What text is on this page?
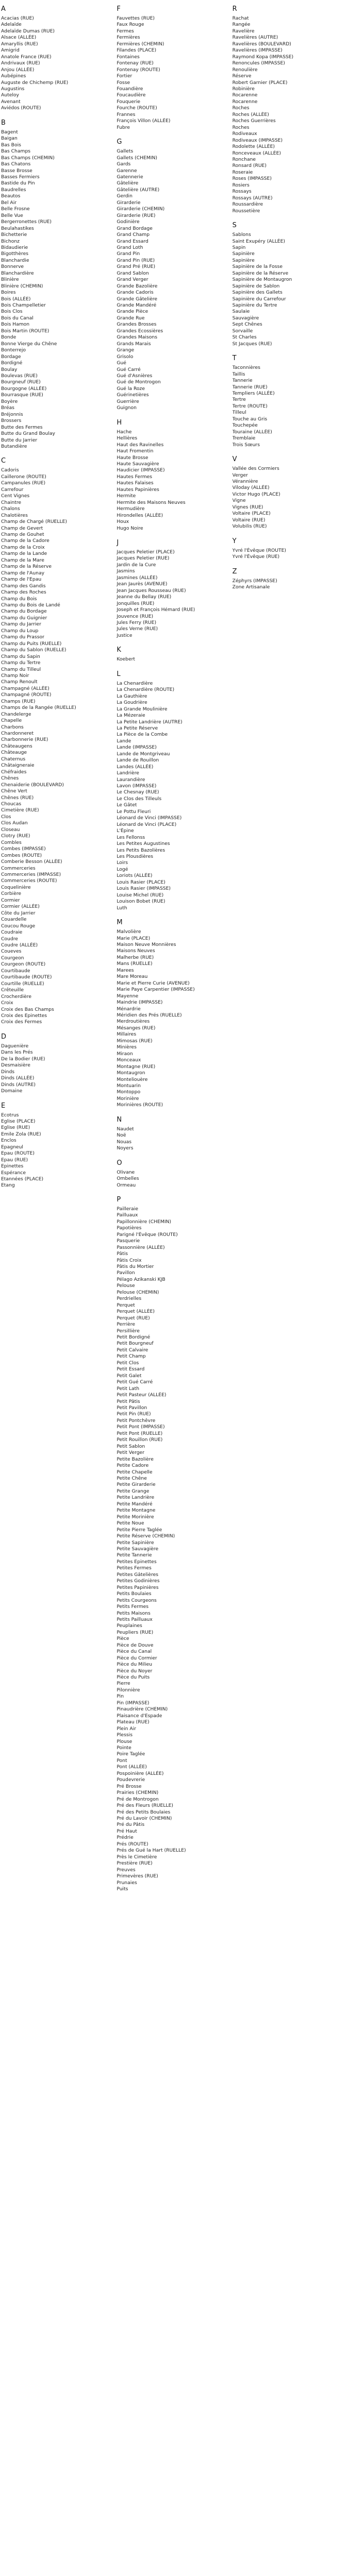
A
Acacias (RUE)
Adelaïde
Adelaïde Dumas (RUE)
Alsace (ALLÉE)
Amaryllis (RUE)
Amigrid
Anatole France (RUE)
Andrivaux (RUE)
Anjou (ALLÉE)
Aubépines
Auguste de Chichemp (RUE)
Augustins
Auteloy
Avenant
Aviédos (ROUTE)
B
Bagent
Baigan
Bas Bois
Bas Champs
Bas Champs (CHEMIN)
Bas Chatons
Basse Brosse
Basses Fermiers
Bastide du Pin
Baudrelles
Beautos
Bel Air
Belle Frosne
Belle Vue
Bergerronettes (RUE)
Beulahastikes
Bichetterie
Bichonz
Bidaudierie
Bigotthères
Blanchardie
Bonnerve
Blanchardière
Blinière
Blinière (CHEMIN)
Boires
Bois (ALLÉE)
Bois Champelletier
Bois Clos
Bois du Canal
Bois Hamon
Bois Martin (ROUTE)
Bonde
Bonne Vierge du Chêne
Bonterrejo
Bordage
Bordigné
Boulay
Boulevas (RUE)
Bourgneuf (RUE)
Bourgogne (ALLÉE)
Bourrasque (RUE)
Boyère
Bréas
Bréjonnis
Brossers
Butte des Fermes
Butte du Grand Boulay
Butte du Jarrier
Butandière
C
Cadoris
Caillerone (ROUTE)
Campanules (RUE)
Carrefour
Cent Vignes
Chaintre
Chalons
Chalotières
Champ de Chargé (RUELLE)
Champ de Gevert
Champ de Gouhet
Champ de la Cadore
Champ de la Croix
Champ de la Lande
Champ de la Mare
Champ de la Réserve
Champ de l'Aunay
Champ de l'Epau
Champ des Gandis
Champ des Roches
Champ du Bois
Champ du Bois de Landé
Champ du Bordage
Champ du Guignier
Champ du Jarrier
Champ du Loup
Champ du Prassor
Champ du Puits (RUELLE)
Champ du Sablon (RUELLE)
Champ du Sapin
Champ du Tertre
Champ du Tilleul
Champ Noir
Champ Renoult
Champagné (ALLÉE)
Champagné (ROUTE)
Champs (RUE)
Champs de la Rangée (RUELLE)
Chandelerge
Chapelle
Charbons
Chardonneret
Charbonnerie (RUE)
Châteaugens
Châteauge
Chaternus
Châtaigneraie
Chéfraides
Chênes
Chenaiderie (BOULEVARD)
Chêne Vert
Chênes (RUE)
Choucas
Cimetière (RUE)
Clos
Clos Audan
Closeau
Clotry (RUE)
Combles
Combes (IMPASSE)
Combes (ROUTE)
Comberie Besson (ALLÉE)
Commerceries
Commerceries (IMPASSE)
Commerceries (ROUTE)
Coquelinière
Corbière
Cormier
Cormier (ALLÉE)
Côte du Jarrier
Couardelle
Coucou Rouge
Coudraie
Coudre
Coudre (ALLÉE)
Coueves
Courgeon
Courgeon (ROUTE)
Courtibaude
Courtibaude (ROUTE)
Courtille (RUELLE)
Crêteuille
Crocherdière
Croix
Croix des Bas Champs
Croix des Epinettes
Croix des Fermes
D
Daguenière
Dans les Prés
De la Bodier (RUE)
Desmaisière
Dinds
Dinds (ALLÉE)
Dinds (AUTRE)
Domaine
E
Ecotrus
Eglise (PLACE)
Eglise (RUE)
Emile Zola (RUE)
Enclos
Epagneul
Epau (ROUTE)
Epau (RUE)
Epinettes
Espérance
Etannées (PLACE)
Etang
F
Fauvettes (RUE)
Faux Rouge
Fermes
Fermières
Fermières (CHEMIN)
Filandes (PLACE)
Fontaines
Fontenay (RUE)
Fontenay (ROUTE)
Fortier
Fosse
Fouandière
Foucaudière
Fouquerie
Fourche (ROUTE)
Frannes
François Villon (ALLÉE)
Fubre
G
Gallets
Gallets (CHEMIN)
Gards
Garenne
Gatennerie
Gâtelière
Gâtelière (AUTRE)
Gerdin
Girarderie
Girarderie (CHEMIN)
Girarderie (RUE)
Godinière
Grand Bordage
Grand Champ
Grand Essard
Grand Loth
Grand Pin
Grand Pin (RUE)
Grand Pré (RUE)
Grand Sablon
Grand Verger
Grande Bazolière
Grande Cadoris
Grande Gâtelière
Grande Mandéré
Grande Pièce
Grande Rue
Grandes Brosses
Grandes Ecossières
Grandes Maisons
Grands Marais
Grange
Grisolo
Gué
Gué Carré
Gué d'Asnières
Gué de Montrogon
Gué la Roze
Guérinetières
Guerrière
Guignon
H
Hache
Hellières
Haut des Ravinelles
Haut Fromentin
Haute Brosse
Haute Sauvagière
Haudicier (IMPASSE)
Hautes Fermes
Hautes Falaises
Hautes Papinières
Hermite
Hermite des Maisons Neuves
Hermudière
Hirondelles (ALLÉE)
Houx
Hugo Noire
J
Jacques Peletier (PLACE)
Jacques Peletier (RUE)
Jardin de la Cure
Jasmins
Jasmines (ALLÉE)
Jean Jaurès (AVENUE)
Jean Jacques Rousseau (RUE)
Jeanne du Bellay (RUE)
Jonquilles (RUE)
Joseph et François Hémard (RUE)
Jouvence (RUE)
Jules Ferry (RUE)
Jules Verne (RUE)
Justice
K
Koebert
L
La Chenardière
La Chenardière (ROUTE)
La Gauthière
La Goudrière
La Grande Moulinière
La Mézeraie
La Petite Landrière (AUTRE)
La Petite Réserve
La Pièce de la Combe
Lande
Lande (IMPASSE)
Lande de Montgriveau
Lande de Rouillon
Landes (ALLÉE)
Landrière
Laurandière
Lavon (IMPASSE)
Le Chesnay (RUE)
Le Clos des Tilleuls
Le Gâtet
Le Pottu Fleuri
Léonard de Vinci (IMPASSE)
Léonard de Vinci (PLACE)
L'Épine
Les Fellonss
Les Petites Augustines
Les Petits Bazolières
Les Plousdières
Loirs
Logé
Loriots (ALLÉE)
Louis Rasier (PLACE)
Louis Rasier (IMPASSE)
Louise Michel (RUE)
Louison Bobet (RUE)
Luth
M
Malvolière
Marie (PLACE)
Maison Neuve Monnières
Maisons Neuves
Malherbe (RUE)
Mans (RUELLE)
Marees
Mare Moreau
Marie et Pierre Curie (AVENUE)
Marie Paye Carpentier (IMPASSE)
Mayenne
Maindrie (IMPASSE)
Ménardrie
Méridien des Prés (RUELLE)
Merdroutières
Mésanges (RUE)
Millaires
Mimosas (RUE)
Minières
Miraon
Monceaux
Montagne (RUE)
Montaugron
Monteliouère
Montuarin
Montoppo
Morinière
Morinières (ROUTE)
N
Naudet
Noë
Nouas
Noyers
O
Olivane
Ombelles
Ormeau
P
Pailleraie
Pailluaux
Papillonnière (CHEMIN)
Papotières
Parigné l'Évêque (ROUTE)
Pasquerie
Passonnière (ALLÉE)
Pâtis
Pâtis Croix
Pâtis du Mortier
Pavillon
Pélago Azikanski KJB
Pelouse
Pelouse (CHEMIN)
Perdrielles
Perquet
Perquet (ALLÉE)
Perquet (RUE)
Perrière
Persillière
Petit Bordigné
Petit Bourgneuf
Petit Calvaire
Petit Champ
Petit Clos
Petit Essard
Petit Galet
Petit Gué Carré
Petit Lath
Petit Pasteur (ALLÉE)
Petit Pâtis
Petit Pavillon
Petit Pin (RUE)
Petit Pontchêvre
Petit Pont (IMPASSE)
Petit Pont (RUELLE)
Petit Rouillon (RUE)
Petit Sablon
Petit Verger
Petite Bazolière
Petite Cadore
Petite Chapelle
Petite Chêne
Petite Girarderie
Petite Grange
Petite Landrière
Petite Mandéré
Petite Montagne
Petite Morinière
Petite Noue
Petite Pierre Taglée
Petite Réserve (CHEMIN)
Petite Sapinière
Petite Sauvagière
Petite Tannerie
Petites Epinettes
Petites Fermes
Petites Gâtelières
Petites Godinières
Petites Papinières
Petits Boulaies
Petits Courgeons
Petits Fermes
Petits Maisons
Petits Pailluaux
Peuplaines
Peupliers (RUE)
Pièce
Pièce de Douve
Pièce du Canal
Pièce du Cormier
Pièce du Milieu
Pièce du Noyer
Pièce du Puits
Pierre
Pilonnière
Pin
Pin (IMPASSE)
Pinaudrière (CHEMIN)
Plaisance d'Espade
Plateau (RUE)
Plein Air
Plessis
Plouse
Pointe
Poire Taglée
Pont
Pont (ALLÉE)
Pospoinière (ALLÉE)
Poudevrerie
Pré Brosse
Prairies (CHEMIN)
Pré de Montrogon
Pré des Fleurs (RUELLE)
Pré des Petits Boulaies
Pré du Lavoir (CHEMIN)
Pré du Pâtis
Pré Haut
Prédrie
Prés (ROUTE)
Prés de Gué la Hart (RUELLE)
Près le Cimetière
Prestière (RUE)
Preuves
Primevères (RUE)
Prunaies
Puits
R
Rachat
Rangée
Ravelière
Ravelières (AUTRE)
Ravelières (BOULEVARD)
Ravelières (IMPASSE)
Raymond Kopa (IMPASSE)
Renoncules (IMPASSE)
Renoulière
Réserve
Robert Garnier (PLACE)
Robinière
Rocarenne
Rocarenne
Roches
Roches (ALLÉE)
Roches Guerrières
Roches
Rodiveaux
Rodiveaux (IMPASSE)
Rodolette (ALLÉE)
Ronceveaux (ALLÉE)
Ronchane
Ronsard (RUE)
Roseraie
Roses (IMPASSE)
Rosiers
Rossays
Rossays (AUTRE)
Roussardière
Roussetière
S
Sablons
Saint Exupéry (ALLÉE)
Sapin
Sapinière
Sapinière
Sapinière de la Fosse
Sapinière de la Réserve
Sapinière de Montaugron
Sapinière de Sablon
Sapinière des Gallets
Sapinière du Carrefour
Sapinière du Tertre
Saulaie
Sauvagière
Sept Chênes
Sorvaille
St Charles
St Jacques (RUE)
T
Taconnières
Taillis
Tannerie
Tannerie (RUE)
Templiers (ALLÉE)
Tertre
Tertre (ROUTE)
Tilleul
Touche au Gris
Touchepée
Touraine (ALLÉE)
Tremblaie
Trois Sœurs
V
Vallée des Cormiers
Verger
Vérannière
Viloday (ALLÉE)
Victor Hugo (PLACE)
Vigne
Vignes (RUE)
Voltaire (PLACE)
Voltaire (RUE)
Volubilis (RUE)
Y
Yvré l'Évêque (ROUTE)
Yvré l'Évêque (RUE)
Z
Zéphyrs (IMPASSE)
Zone Artisanale
